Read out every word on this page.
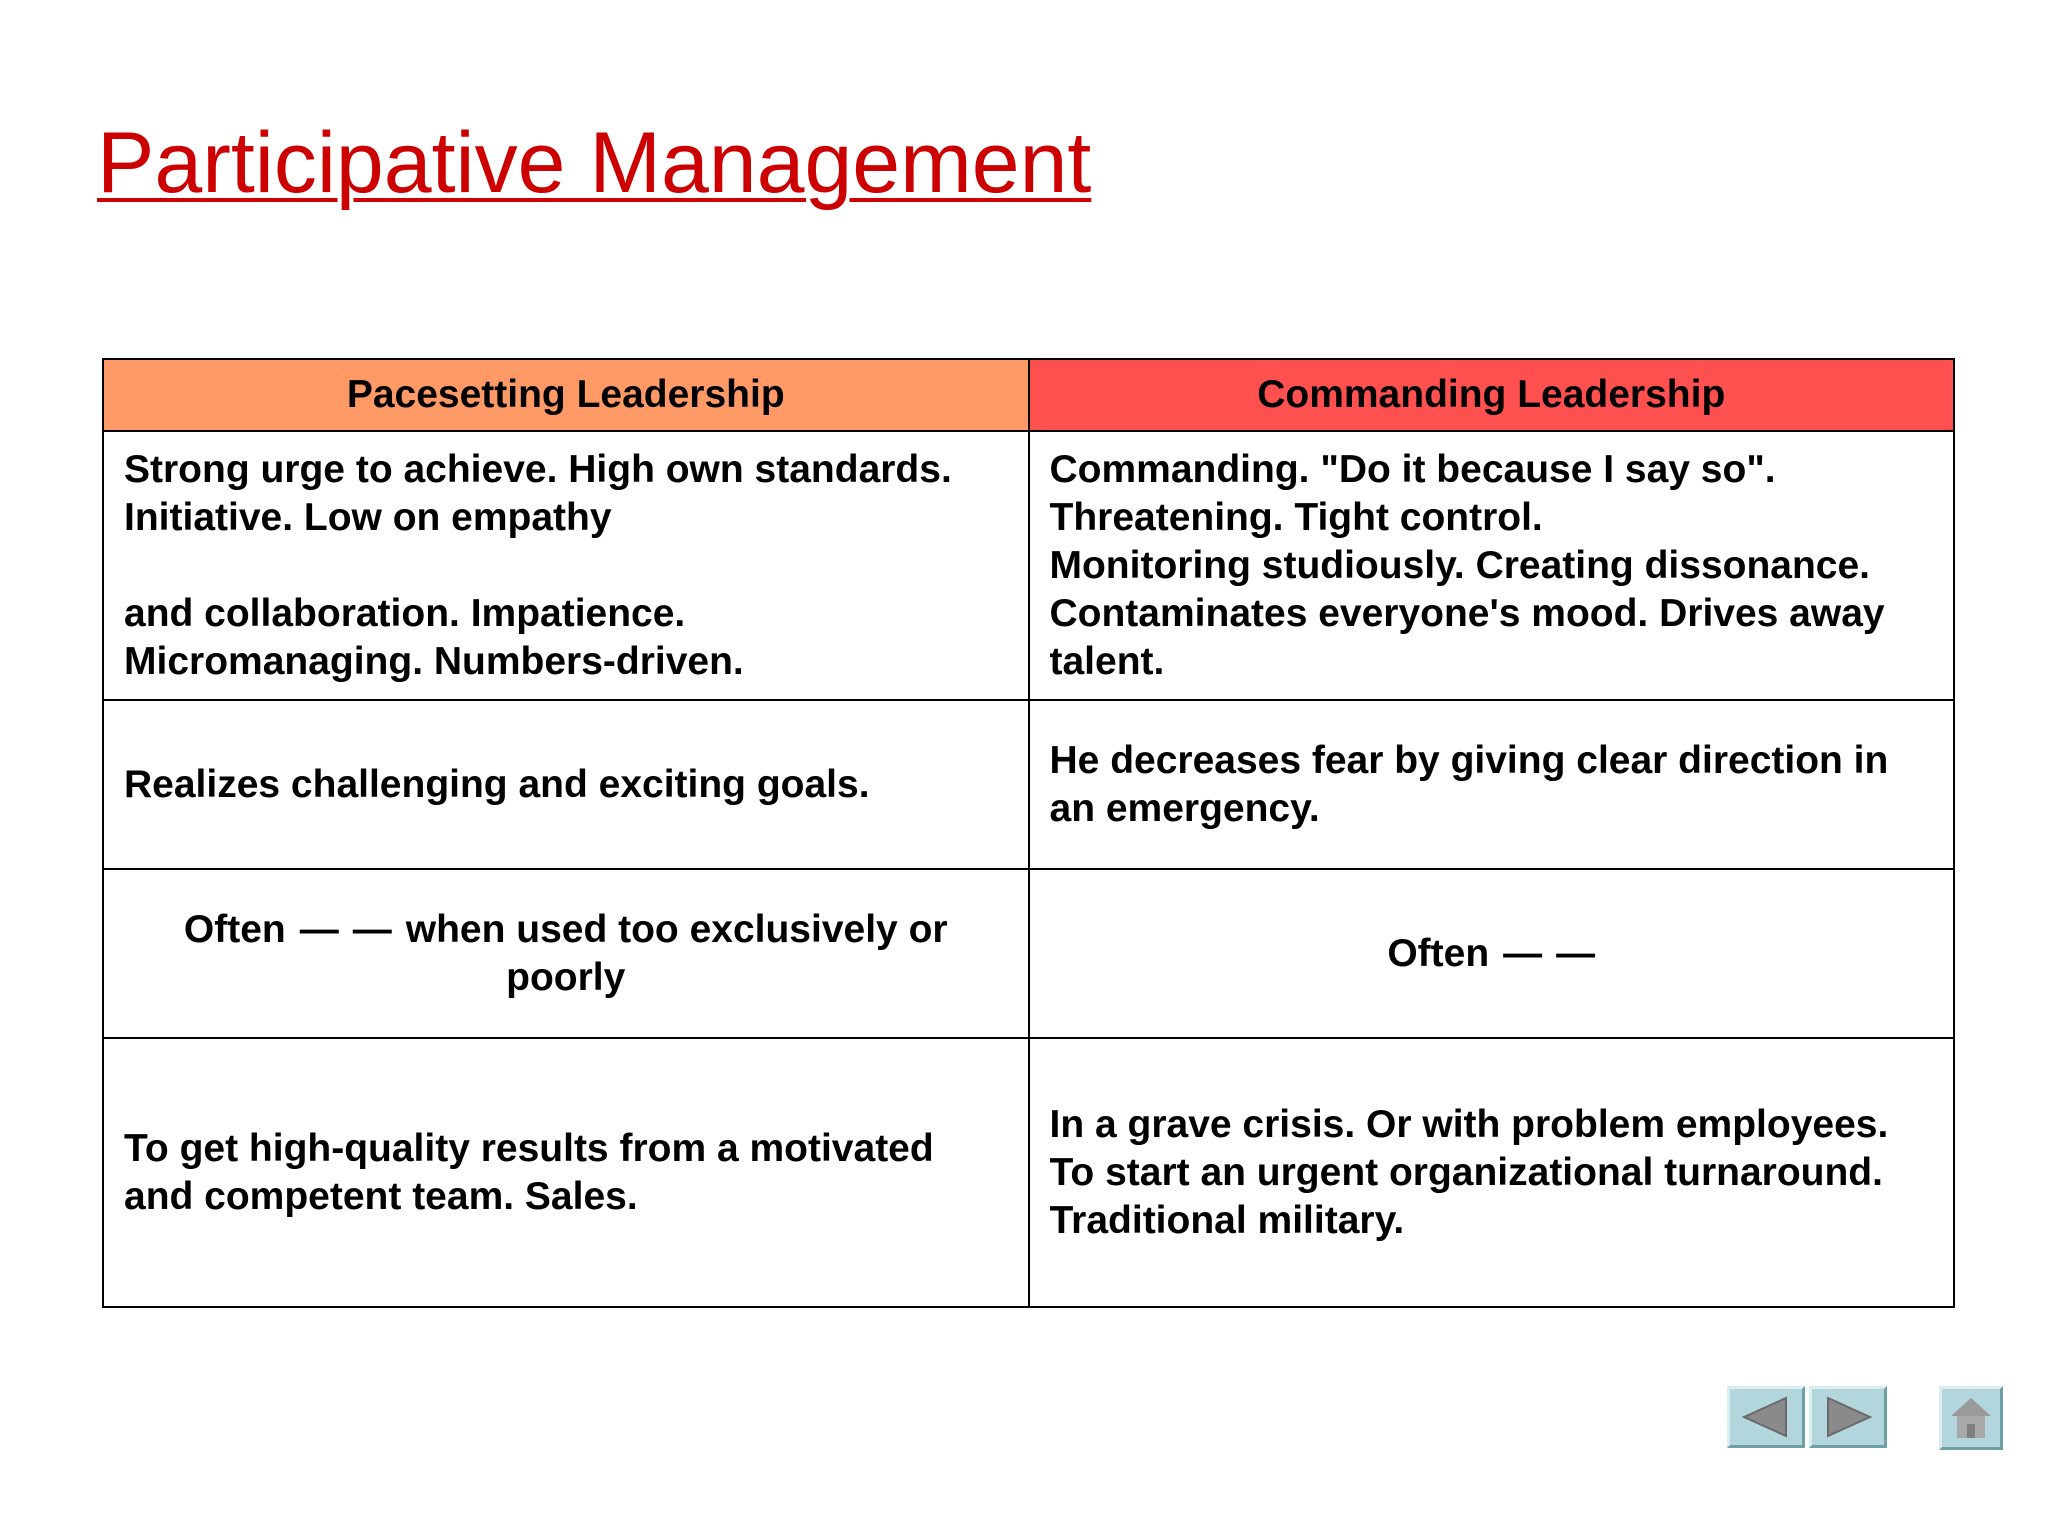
Participative Management
Pacesetting Leadership	Commanding Leadership

Strong urge to achieve. High own standards.
Initiative. Low on empathy
and collaboration. Impatience.
Micromanaging. Numbers-driven.	Commanding. "Do it because I say so".
Threatening. Tight control.
Monitoring studiously. Creating dissonance.
Contaminates everyone's mood. Drives away
talent.

Realizes challenging and exciting goals.	He decreases fear by giving clear direction in
an emergency.

Often — — when used too exclusively or
poorly	Often — —

To get high-quality results from a motivated
and competent team. Sales.	In a grave crisis. Or with problem employees.
To start an urgent organizational turnaround.
Traditional military.
